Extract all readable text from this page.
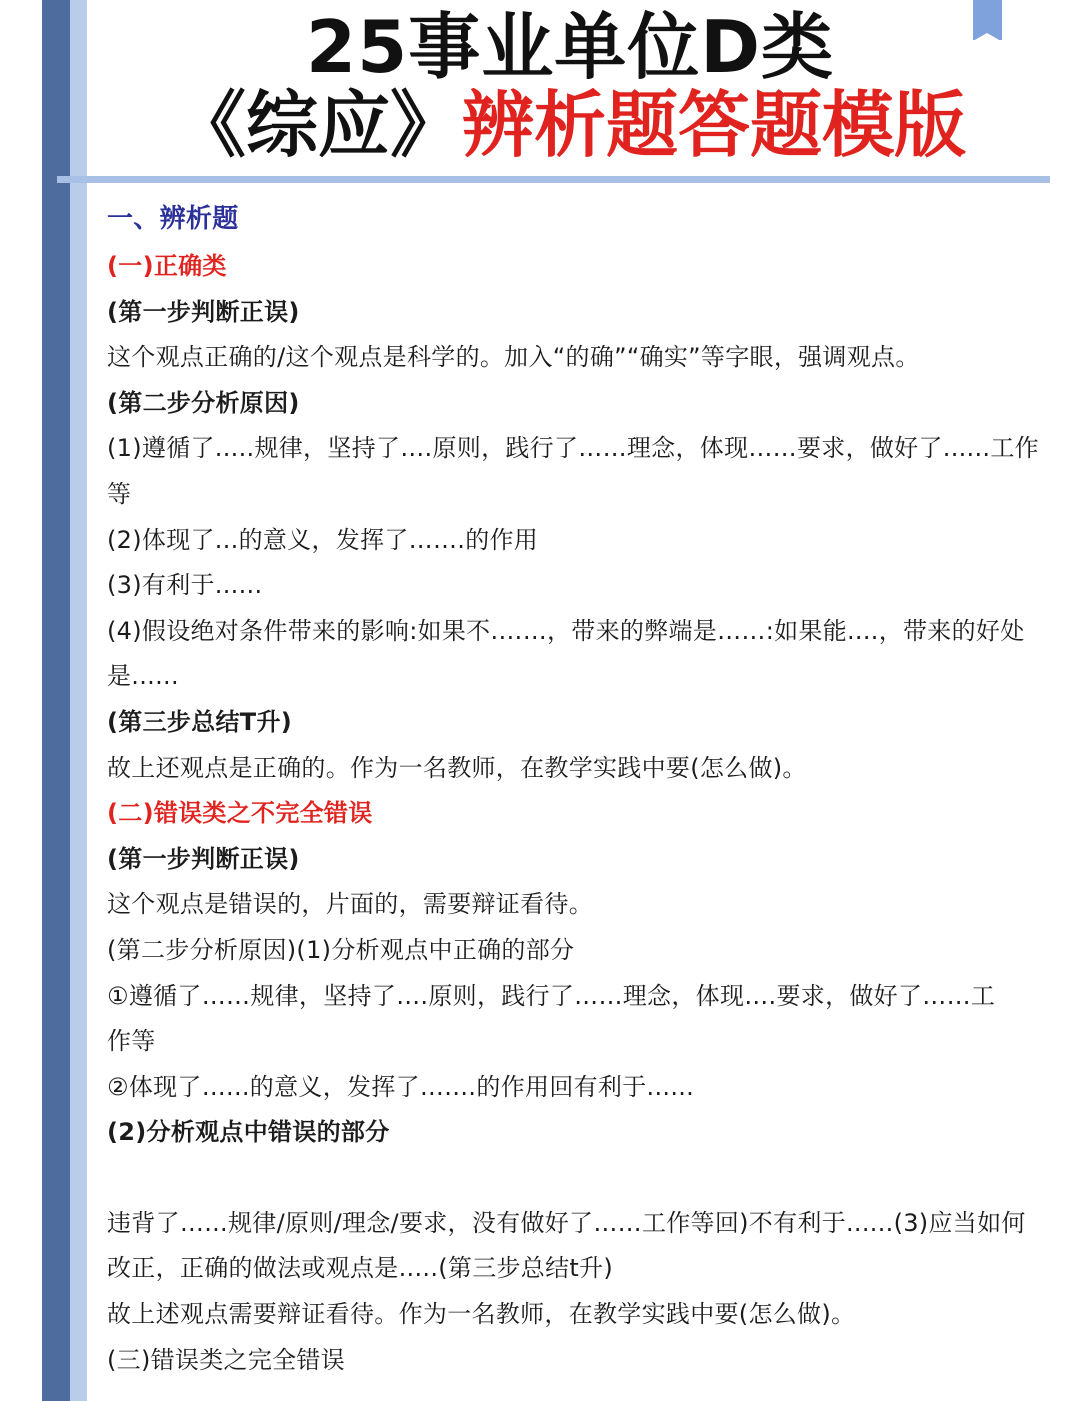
25事业单位D类
《综应》辨析题答题模版
一、辨析题
(一)正确类
(第一步判断正误)
这个观点正确的/这个观点是科学的。加入“的确”“确实”等字眼，强调观点。
(第二步分析原因)
(1)遵循了.....规律，坚持了….原则，践行了……理念，体现……要求，做好了......工作
等
(2)体现了...的意义，发挥了…….的作用
(3)有利于......
(4)假设绝对条件带来的影响:如果不.……，带来的弊端是……:如果能....，带来的好处
是......
(第三步总结T升)
故上还观点是正确的。作为一名教师，在教学实践中要(怎么做)。
(二)错误类之不完全错误
(第一步判断正误)
这个观点是错误的，片面的，需要辩证看待。
(第二步分析原因)(1)分析观点中正确的部分
①遵循了……规律，坚持了….原则，践行了……理念，体现….要求，做好了……工
作等
②体现了…...的意义，发挥了….…的作用回有利于......
(2)分析观点中错误的部分
违背了…...规律/原则/理念/要求，没有做好了……工作等回)不有利于......(3)应当如何
改正，正确的做法或观点是.....(第三步总结t升)
故上述观点需要辩证看待。作为一名教师，在教学实践中要(怎么做)。
(三)错误类之完全错误
